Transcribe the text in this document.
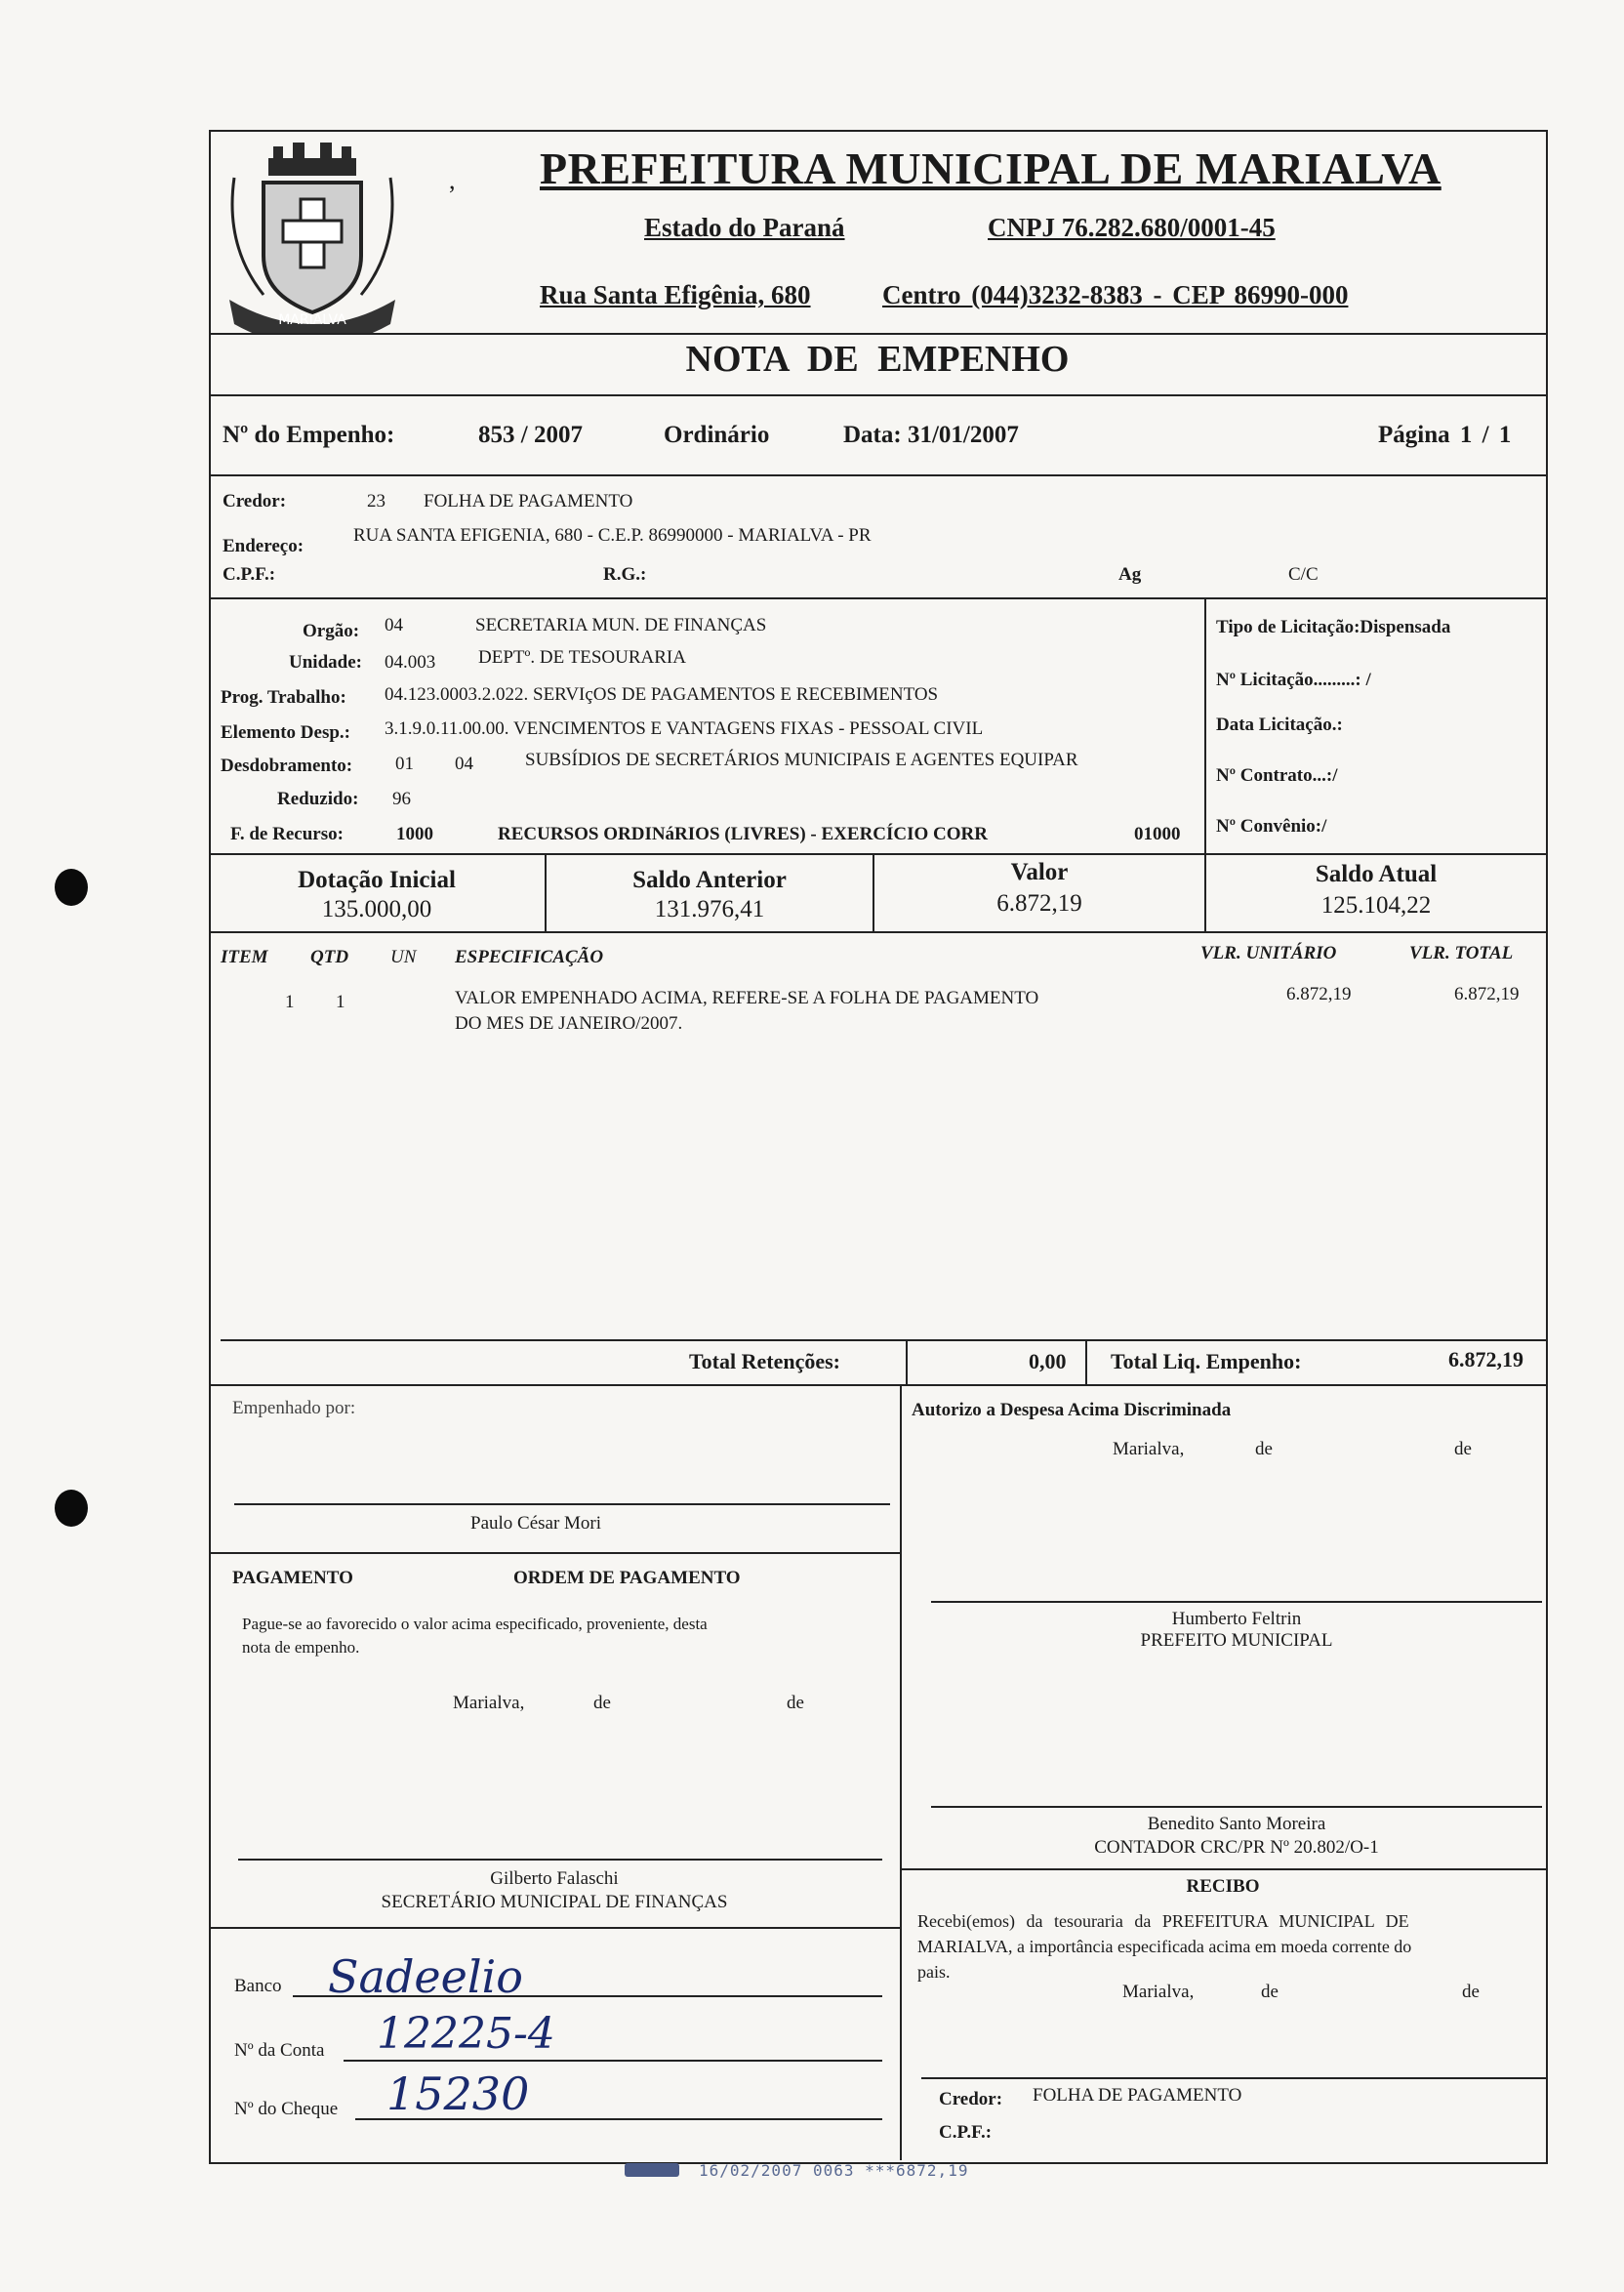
MARIALVA
, PREFEITURA MUNICIPAL DE MARIALVA
Estado do Paraná	CNPJ 76.282.680/0001-45
Rua Santa Efigênia, 680	Centro (044)3232-8383 - CEP 86990-000
NOTA DE EMPENHO
Nº do Empenho:	853 / 2007	Ordinário	Data: 31/01/2007	Página 1 / 1
Credor:	23 FOLHA DE PAGAMENTO
Endereço:
RUA SANTA EFIGENIA, 680 - C.E.P. 86990000 - MARIALVA - PR
C.P.F.:	R.G.:	Ag	C/C
Orgão: 04	SECRETARIA MUN. DE FINANÇAS
Unidade: 04.003 DEPTº. DE TESOURARIA
Prog. Trabalho: 04.123.0003.2.022. SERVIçOS DE PAGAMENTOS E RECEBIMENTOS
Elemento Desp.: 3.1.9.0.11.00.00. VENCIMENTOS E VANTAGENS FIXAS - PESSOAL CIVIL
Desdobramento: 01 04	SUBSÍDIOS DE SECRETÁRIOS MUNICIPAIS E AGENTES EQUIPAR
Reduzido: 96
F. de Recurso:	1000	RECURSOS ORDINáRIOS (LIVRES) - EXERCÍCIO CORR	01000
Tipo de Licitação:Dispensada
Nº Licitação.........: /
Data Licitação.:
Nº Contrato...:/
Nº Convênio:/
Dotação Inicial
135.000,00
Saldo Anterior
131.976,41
Valor
6.872,19
Saldo Atual
125.104,22
ITEM QTD UN ESPECIFICAÇÃO	VLR. UNITÁRIO	VLR. TOTAL
1 1	VALOR EMPENHADO ACIMA, REFERE-SE A FOLHA DE PAGAMENTO
DO MES DE JANEIRO/2007.
6.872,19	6.872,19
Total Retenções:	0,00 Total Liq. Empenho:	6.872,19
Empenhado por:
Paulo César Mori
Autorizo a Despesa Acima Discriminada
Marialva,	de	de
Humberto Feltrin
PREFEITO MUNICIPAL
PAGAMENTO	ORDEM DE PAGAMENTO
Pague-se ao favorecido o valor acima especificado, proveniente, desta
nota de empenho.
Marialva,	de	de
Gilberto Falaschi
SECRETÁRIO MUNICIPAL DE FINANÇAS
Benedito Santo Moreira
CONTADOR CRC/PR Nº 20.802/O-1
RECIBO
Recebi(emos) da tesouraria da PREFEITURA MUNICIPAL DE
MARIALVA, a importância especificada acima em moeda corrente do
pais.
Marialva,	de	de
Credor: FOLHA DE PAGAMENTO
C.P.F.:
Banco Sadeelio
Nº da Conta 12225-4
Nº do Cheque 15230
16/02/2007 0063 ***6872,19
